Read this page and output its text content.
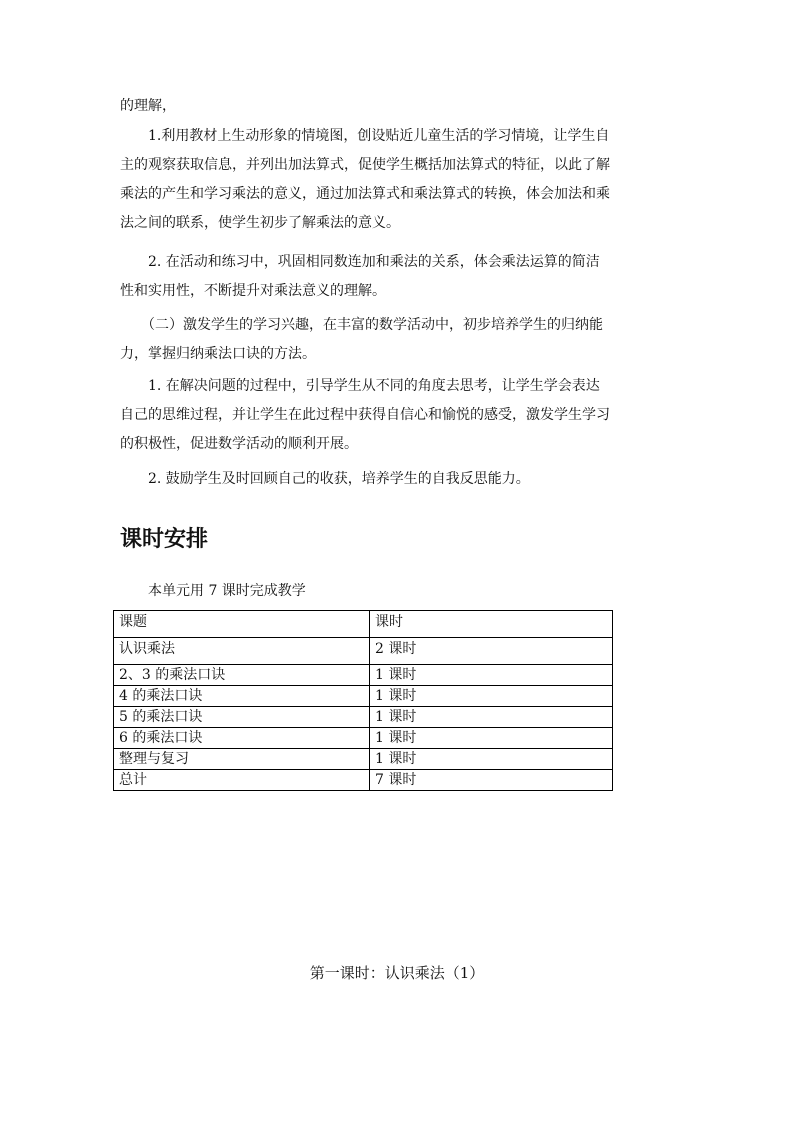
的理解，
　　1.利用教材上生动形象的情境图，创设贴近儿童生活的学习情境，让学生自
主的观察获取信息，并列出加法算式，促使学生概括加法算式的特征，以此了解
乘法的产生和学习乘法的意义，通过加法算式和乘法算式的转换，体会加法和乘
法之间的联系，使学生初步了解乘法的意义。
　　2. 在活动和练习中，巩固相同数连加和乘法的关系，体会乘法运算的简洁
性和实用性，不断提升对乘法意义的理解。
　　（二）激发学生的学习兴趣，在丰富的数学活动中，初步培养学生的归纳能
力，掌握归纳乘法口诀的方法。
　　1. 在解决问题的过程中，引导学生从不同的角度去思考，让学生学会表达
自己的思维过程，并让学生在此过程中获得自信心和愉悦的感受，激发学生学习
的积极性，促进数学活动的顺利开展。
　　2. 鼓励学生及时回顾自己的收获，培养学生的自我反思能力。
课时安排

本单元用 7 课时完成教学

课题	课时
认识乘法	2 课时
2、3 的乘法口诀	1 课时
4 的乘法口诀	1 课时
5 的乘法口诀	1 课时
6 的乘法口诀	1 课时
整理与复习	1 课时
总计	7 课时

第一课时：认识乘法（1）
